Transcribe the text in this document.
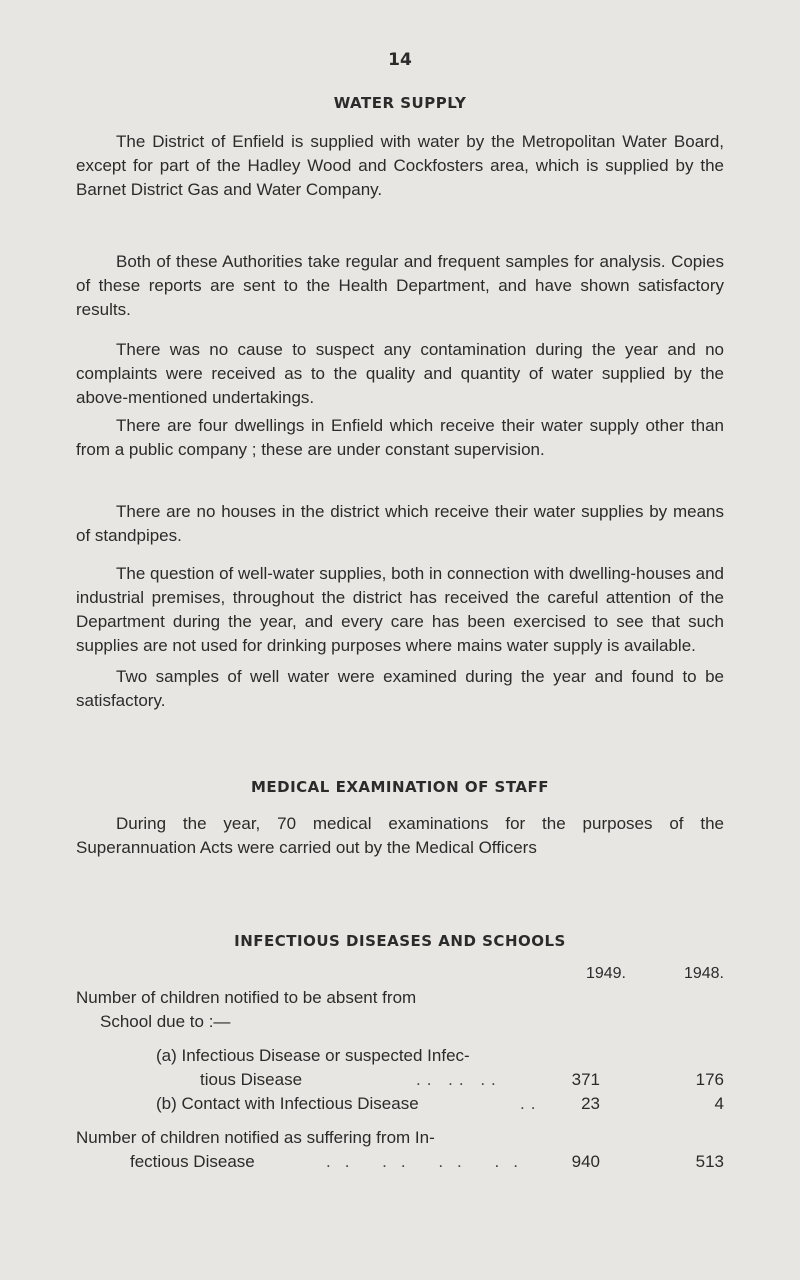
14
WATER SUPPLY

The District of Enfield is supplied with water by the Metropolitan Water Board, except for part of the Hadley Wood and Cockfosters area, which is supplied by the Barnet District Gas and Water Company.

Both of these Authorities take regular and frequent samples for analysis. Copies of these reports are sent to the Health Department, and have shown satisfactory results.

There was no cause to suspect any contamination during the year and no complaints were received as to the quality and quantity of water supplied by the above-mentioned undertakings.

There are four dwellings in Enfield which receive their water supply other than from a public company ; these are under constant supervision.

There are no houses in the district which receive their water supplies by means of standpipes.

The question of well-water supplies, both in connection with dwelling-houses and industrial premises, throughout the district has received the careful attention of the Department during the year, and every care has been exercised to see that such supplies are not used for drinking purposes where mains water supply is available.

Two samples of well water were examined during the year and found to be satisfactory.

MEDICAL EXAMINATION OF STAFF

During the year, 70 medical examinations for the purposes of the Superannuation Acts were carried out by the Medical Officers

INFECTIOUS DISEASES AND SCHOOLS
1949.	1948.
Number of children notified to be absent from
School due to :—
(a) Infectious Disease or suspected Infec-
tious Disease	.. .. ..	371	176
(b) Contact with Infectious Disease	..	23	4
Number of children notified as suffering from In-
fectious Disease	.. .. .. ..	940	513
